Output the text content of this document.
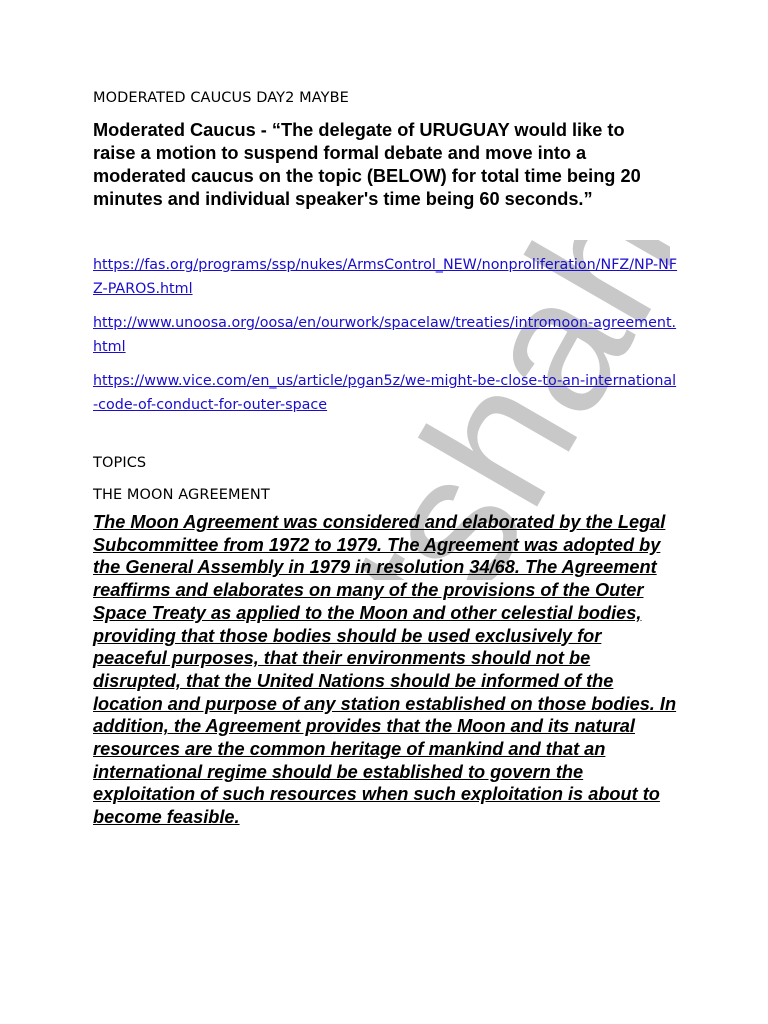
tshah

MODERATED CAUCUS DAY2 MAYBE

Moderated Caucus - “The delegate of URUGUAY would like to raise a motion to suspend formal debate and move into a moderated caucus on the topic (BELOW) for total time being 20 minutes and individual speaker's time being 60 seconds.”

https://fas.org/programs/ssp/nukes/ArmsControl_NEW/nonproliferation/NFZ/NP-NFZ-PAROS.html
http://www.unoosa.org/oosa/en/ourwork/spacelaw/treaties/intromoon-agreement.html
https://www.vice.com/en_us/article/pgan5z/we-might-be-close-to-an-international-code-of-conduct-for-outer-space

TOPICS

THE MOON AGREEMENT

The Moon Agreement was considered and elaborated by the Legal Subcommittee from 1972 to 1979. The Agreement was adopted by the General Assembly in 1979 in resolution 34/68. The Agreement reaffirms and elaborates on many of the provisions of the Outer Space Treaty as applied to the Moon and other celestial bodies, providing that those bodies should be used exclusively for peaceful purposes, that their environments should not be disrupted, that the United Nations should be informed of the location and purpose of any station established on those bodies. In addition, the Agreement provides that the Moon and its natural resources are the common heritage of mankind and that an international regime should be established to govern the exploitation of such resources when such exploitation is about to become feasible.
